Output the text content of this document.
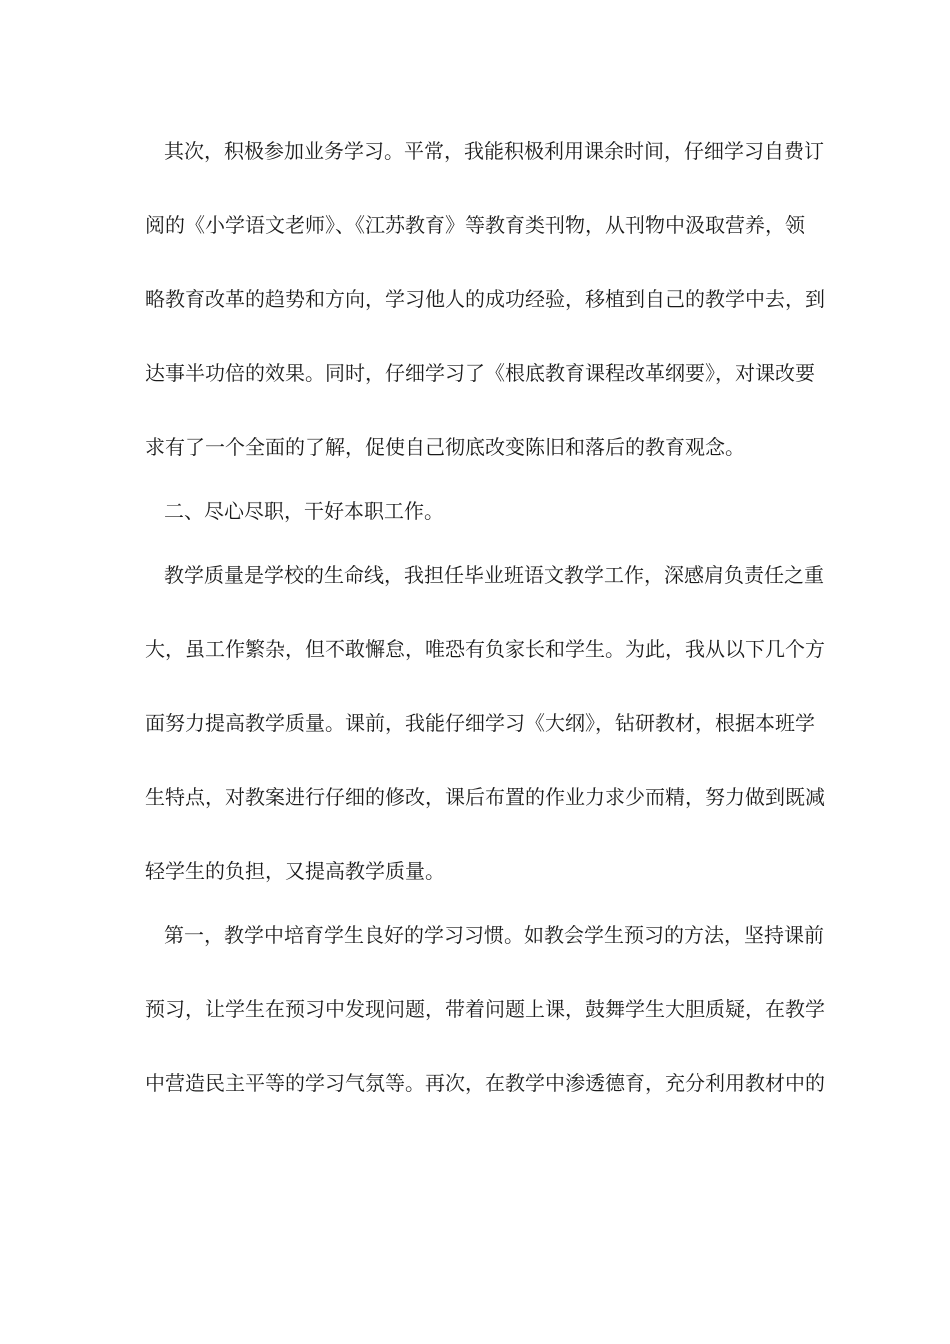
其次，积极参加业务学习。平常，我能积极利用课余时间，仔细学习自费订
阅的《小学语文老师》、《江苏教育》等教育类刊物，从刊物中汲取营养，领
略教育改革的趋势和方向，学习他人的成功经验，移植到自己的教学中去，到
达事半功倍的效果。同时，仔细学习了《根底教育课程改革纲要》，对课改要
求有了一个全面的了解，促使自己彻底改变陈旧和落后的教育观念。
二、尽心尽职，干好本职工作。
教学质量是学校的生命线，我担任毕业班语文教学工作，深感肩负责任之重
大，虽工作繁杂，但不敢懈怠，唯恐有负家长和学生。为此，我从以下几个方
面努力提高教学质量。课前，我能仔细学习《大纲》，钻研教材，根据本班学
生特点，对教案进行仔细的修改，课后布置的作业力求少而精，努力做到既减
轻学生的负担，又提高教学质量。
第一，教学中培育学生良好的学习习惯。如教会学生预习的方法，坚持课前
预习，让学生在预习中发现问题，带着问题上课，鼓舞学生大胆质疑，在教学
中营造民主平等的学习气氛等。再次，在教学中渗透德育，充分利用教材中的
